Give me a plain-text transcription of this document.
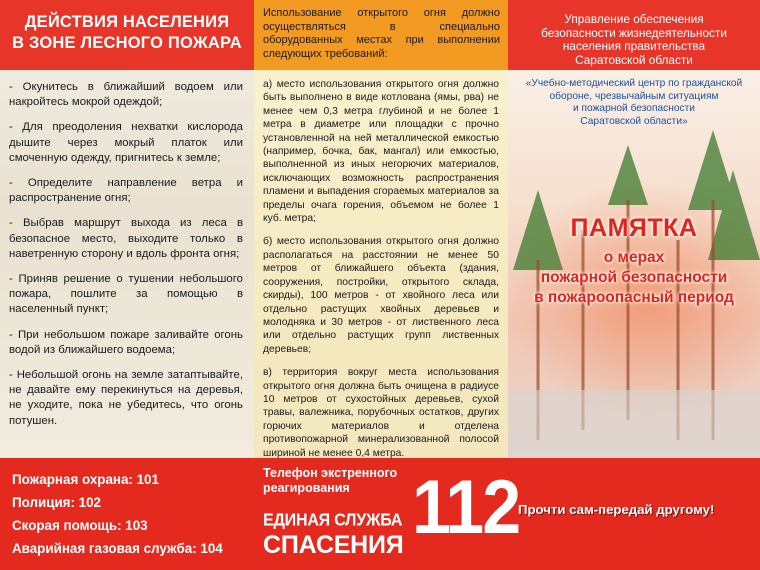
ДЕЙСТВИЯ НАСЕЛЕНИЯ
В ЗОНЕ ЛЕСНОГО ПОЖАРА

- Окунитесь в ближайший водоем или накройтесь мокрой одеждой;

- Для преодоления нехватки кислорода дышите через мокрый платок или смоченную одежду, пригнитесь к земле;

- Определите направление ветра и распространение огня;

- Выбрав маршрут выхода из леса в безопасное место, выходите только в наветренную сторону и вдоль фронта огня;

- Приняв решение о тушении небольшого пожара, пошлите за помощью в населенный пункт;

- При небольшом пожаре заливайте огонь водой из ближайшего водоема;

- Небольшой огонь на земле затаптывайте, не давайте ему перекинуться на деревья, не уходите, пока не убедитесь, что огонь потушен.

Использование открытого огня должно осуществляться в специально оборудованных местах при выполнении следующих требований:

а) место использования открытого огня должно быть выполнено в виде котлована (ямы, рва) не менее чем 0,3 метра глубиной и не более 1 метра в диаметре или площадки с прочно установленной на ней металлической емкостью (например, бочка, бак, мангал) или емкостью, выполненной из иных негорючих материалов, исключающих возможность распространения пламени и выпадения сгораемых материалов за пределы очага горения, объемом не более 1 куб. метра;

б) место использования открытого огня должно располагаться на расстоянии не менее 50 метров от ближайшего объекта (здания, сооружения, постройки, открытого склада, скирды), 100 метров - от хвойного леса или отдельно растущих хвойных деревьев и молодняка и 30 метров - от лиственного леса или отдельно растущих групп лиственных деревьев;

в) территория вокруг места использования открытого огня должна быть очищена в радиусе 10 метров от сухостойных деревьев, сухой травы, валежника, порубочных остатков, других горючих материалов и отделена противопожарной минерализованной полосой шириной не менее 0,4 метра.

Управление обеспечения
безопасности жизнедеятельности
населения правительства
Саратовской области
«Учебно-методический центр по гражданской
обороне, чрезвычайным ситуациям
и пожарной безопасности
Саратовской области»
ПАМЯТКА
о мерах
пожарной безопасности
в пожароопасный период
Пожарная охрана: 101
Полиция: 102
Скорая помощь: 103
Аварийная газовая служба: 104
Телефон экстренного
реагирования
ЕДИНАЯ СЛУЖБА
СПАСЕНИЯ 112
Прочти сам-передай другому!
